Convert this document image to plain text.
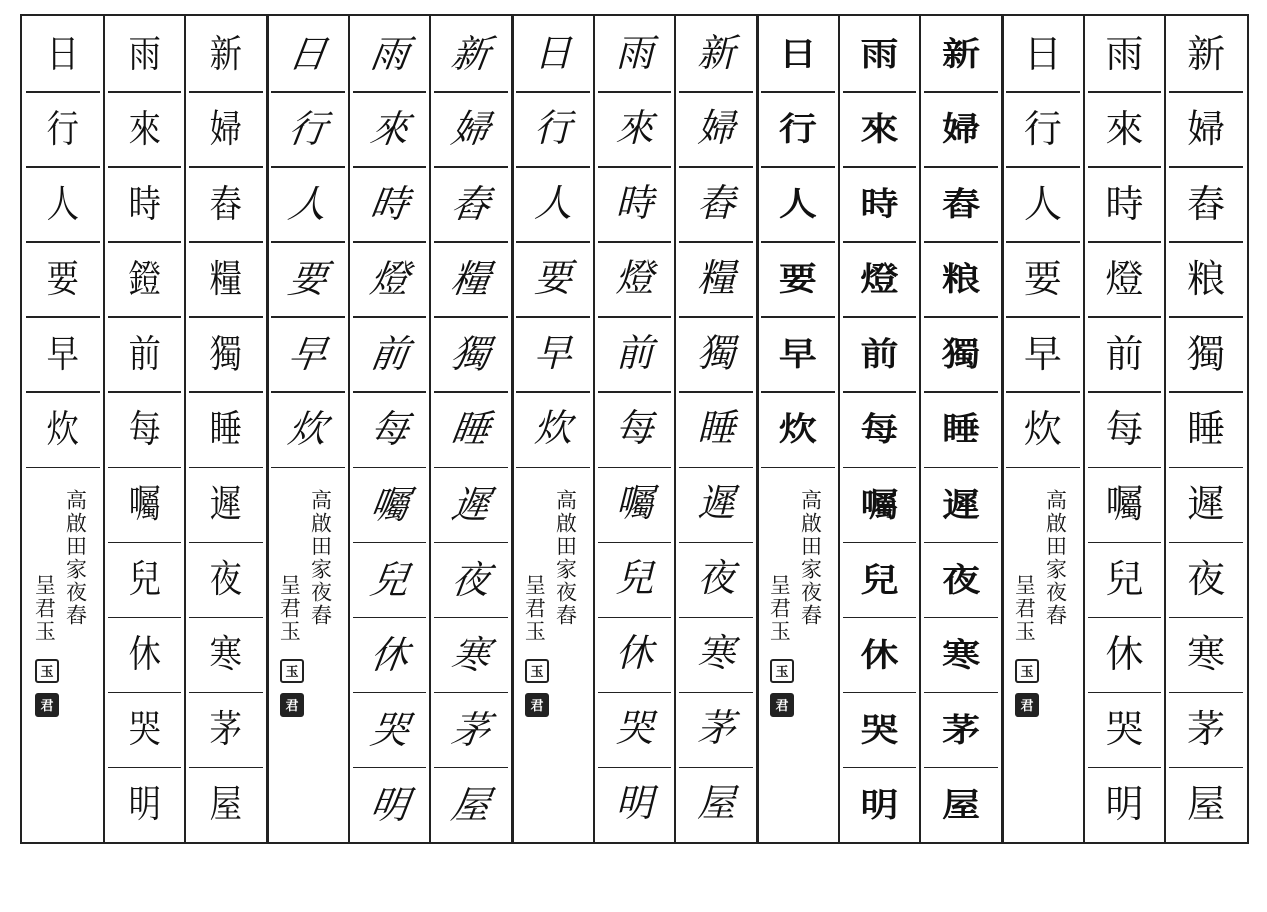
日
行
人
要
早
炊
雨
來
時
鐙
前
每
囑
兒
休
哭
明
新
婦
舂
糧
獨
睡
遲
夜
寒
茅
屋
高啟田家夜舂
呈君玉
玉
君
日
行
人
要
早
炊
雨
來
時
燈
前
每
囑
兒
休
哭
明
新
婦
舂
糧
獨
睡
遲
夜
寒
茅
屋
高啟田家夜舂
呈君玉
玉
君
日
行
人
要
早
炊
雨
來
時
燈
前
每
囑
兒
休
哭
明
新
婦
舂
糧
獨
睡
遲
夜
寒
茅
屋
高啟田家夜舂
呈君玉
玉
君
日
行
人
要
早
炊
雨
來
時
燈
前
每
囑
兒
休
哭
明
新
婦
舂
粮
獨
睡
遲
夜
寒
茅
屋
高啟田家夜舂
呈君玉
玉
君
日
行
人
要
早
炊
雨
來
時
燈
前
每
囑
兒
休
哭
明
新
婦
舂
粮
獨
睡
遲
夜
寒
茅
屋
高啟田家夜舂
呈君玉
玉
君
